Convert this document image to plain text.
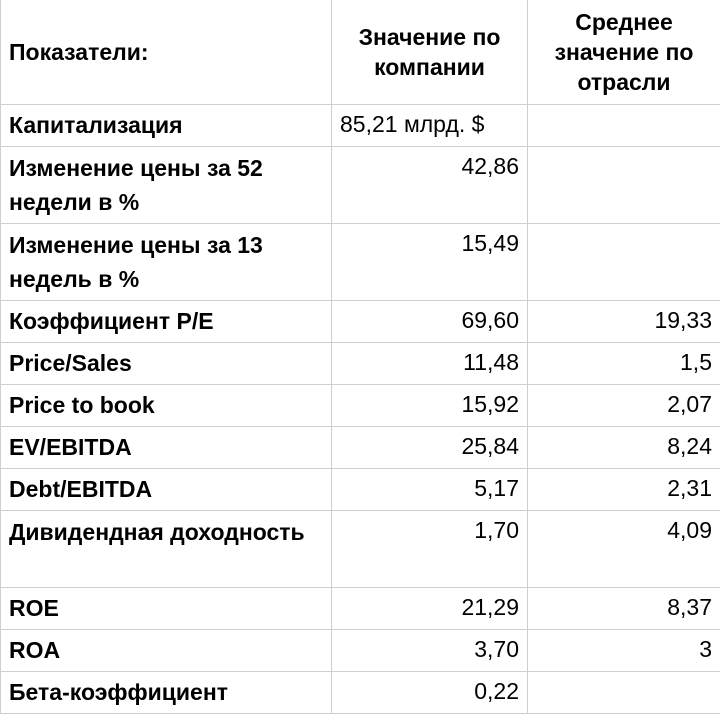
Показатели:	Значение по компании	Среднее значение по отрасли
Капитализация	85,21 млрд. $	
Изменение цены за 52 недели в %	42,86	
Изменение цены за 13 недель в %	15,49	
Коэффициент P/E	69,60	19,33
Price/Sales	11,48	1,5
Price to book	15,92	2,07
EV/EBITDA	25,84	8,24
Debt/EBITDA	5,17	2,31
Дивидендная доходность	1,70	4,09
ROE	21,29	8,37
ROA	3,70	3
Бета-коэффициент	0,22	
